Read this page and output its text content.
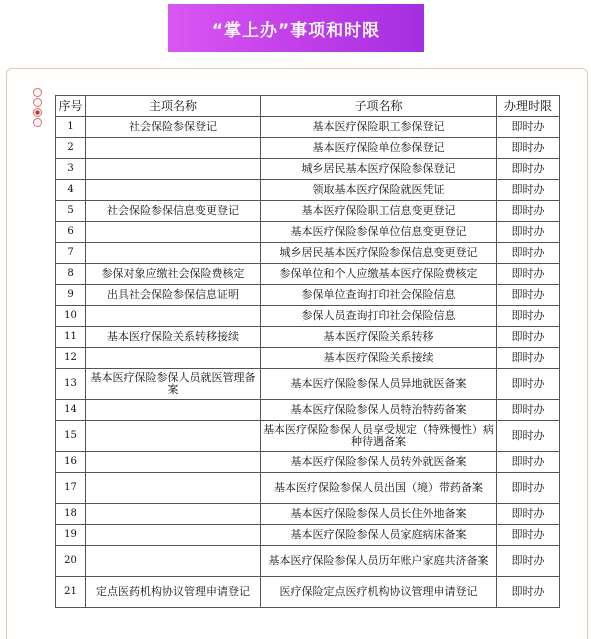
“掌上办”事项和时限
序号	主项名称	子项名称	办理时限
1	社会保险参保登记	基本医疗保险职工参保登记	即时办
2		基本医疗保险单位参保登记	即时办
3		城乡居民基本医疗保险参保登记	即时办
4		领取基本医疗保险就医凭证	即时办
5	社会保险参保信息变更登记	基本医疗保险职工信息变更登记	即时办
6		基本医疗保险参保单位信息变更登记	即时办
7		城乡居民基本医疗保险参保信息变更登记	即时办
8	参保对象应缴社会保险费核定	参保单位和个人应缴基本医疗保险费核定	即时办
9	出具社会保险参保信息证明	参保单位查询打印社会保险信息	即时办
10		参保人员查询打印社会保险信息	即时办
11	基本医疗保险关系转移接续	基本医疗保险关系转移	即时办
12		基本医疗保险关系接续	即时办
13	基本医疗保险参保人员就医管理备案	基本医疗保险参保人员异地就医备案	即时办
14		基本医疗保险参保人员特治特药备案	即时办
15		基本医疗保险参保人员享受规定（特殊慢性）病种待遇备案	即时办
16		基本医疗保险参保人员转外就医备案	即时办
17		基本医疗保险参保人员出国（境）带药备案	即时办
18		基本医疗保险参保人员长住外地备案	即时办
19		基本医疗保险参保人员家庭病床备案	即时办
20		基本医疗保险参保人员历年账户家庭共济备案	即时办
21	定点医药机构协议管理申请登记	医疗保险定点医疗机构协议管理申请登记	即时办
